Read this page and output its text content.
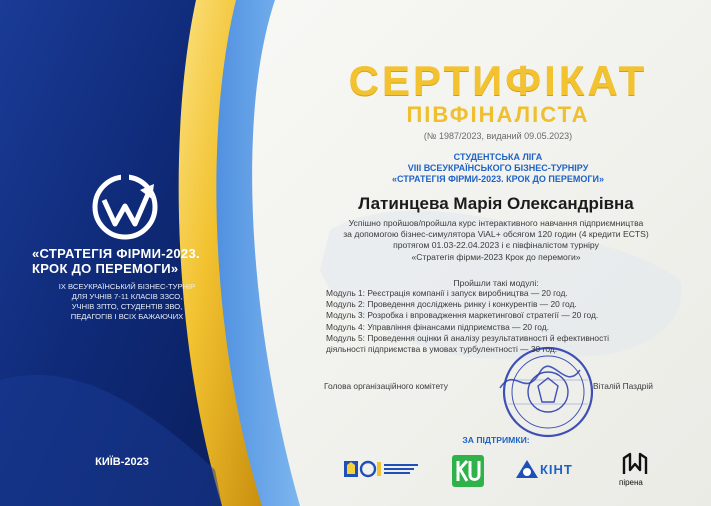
«СТРАТЕГІЯ ФІРМИ-2023.
КРОК ДО ПЕРЕМОГИ»
IX ВСЕУКРАЇНСЬКИЙ БІЗНЕС-ТУРНІР
ДЛЯ УЧНІВ 7-11 КЛАСІВ ЗЗСО,
УЧНІВ ЗПТО, СТУДЕНТІВ ЗВО,
ПЕДАГОГІВ І ВСІХ БАЖАЮЧИХ
КИЇВ-2023
СЕРТИФІКАТ
ПІВФІНАЛІСТА
(№ 1987/2023, виданий 09.05.2023)
СТУДЕНТСЬКА ЛІГА
VIII ВСЕУКРАЇНСЬКОГО БІЗНЕС-ТУРНІРУ
«СТРАТЕГІЯ ФІРМИ-2023. КРОК ДО ПЕРЕМОГИ»
Латинцева Марія Олександрівна
Успішно пройшов/пройшла курс інтерактивного навчання підприємництва
за допомогою бізнес-симулятора ViAL+ обсягом 120 годин (4 кредити ECTS)
протягом 01.03-22.04.2023 і є півфіналістом турніру
«Стратегія фірми-2023 Крок до перемоги»
Пройшли такі модулі:
Модуль 1: Реєстрація компанії і запуск виробництва — 20 год.
Модуль 2: Проведення досліджень ринку і конкурентів — 20 год.
Модуль 3: Розробка і впровадження маркетингової стратегії — 20 год.
Модуль 4: Управління фінансами підприємства — 20 год.
Модуль 5: Проведення оцінки й аналізу результативності й ефективності
діяльності підприємства в умовах турбулентності — 30 год.
Голова організаційного комітету	Віталій Паздрій
ЗА ПІДТРИМКИ:
КІНТ
пірена
